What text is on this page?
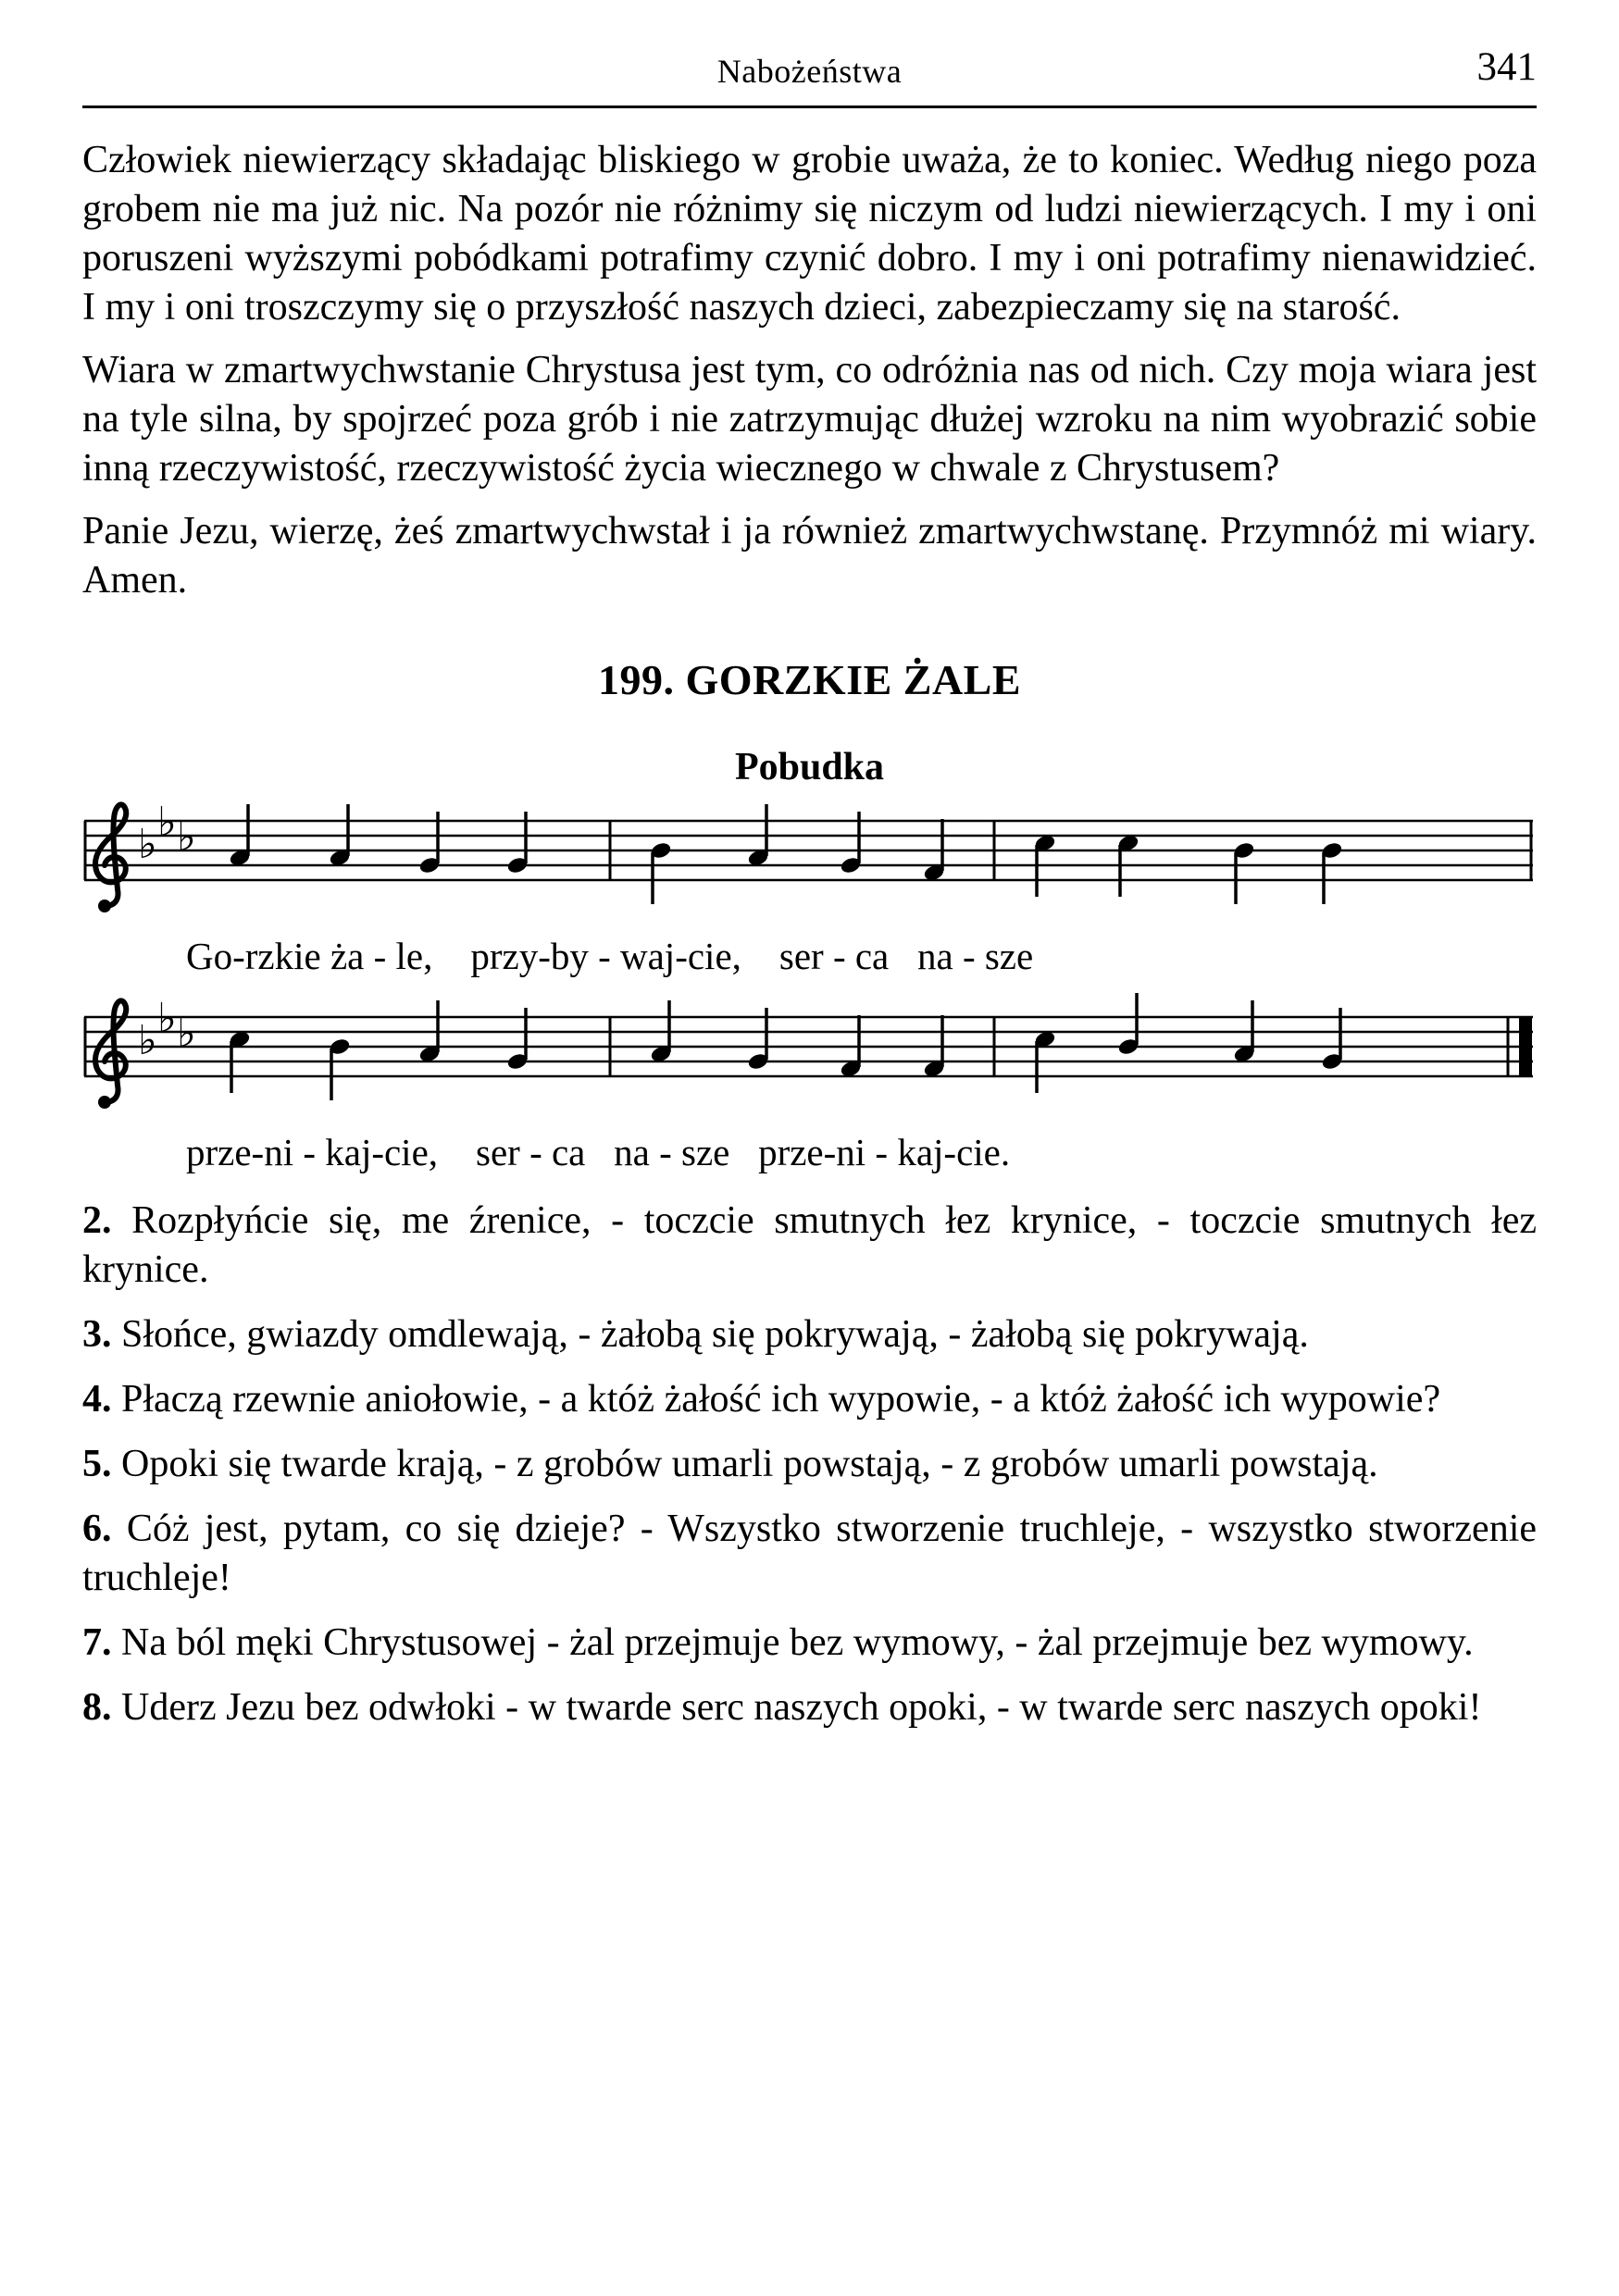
Nabożeństwa	341

Człowiek niewierzący składając bliskiego w grobie uważa, że to koniec. Według niego poza grobem nie ma już nic. Na pozór nie różnimy się niczym od ludzi niewierzących. I my i oni poruszeni wyższymi pobódkami potrafimy czynić dobro. I my i oni potrafimy nienawidzieć. I my i oni troszczymy się o przyszłość naszych dzieci, zabezpieczamy się na starość.

Wiara w zmartwychwstanie Chrystusa jest tym, co odróżnia nas od nich. Czy moja wiara jest na tyle silna, by spojrzeć poza grób i nie zatrzymując dłużej wzroku na nim wyobrazić sobie inną rzeczywistość, rzeczywistość życia wiecznego w chwale z Chrystusem?

Panie Jezu, wierzę, żeś zmartwychwstał i ja również zmartwychwstanę. Przymnóż mi wiary. Amen.

199. GORZKIE ŻALE
Pobudka
♭ ♭ ♭
Go-rzkie ża - le,    przy-by - waj-cie,    ser - ca   na - sze
♭ ♭ ♭
prze-ni - kaj-cie,    ser - ca   na - sze   prze-ni - kaj-cie.

2. Rozpłyńcie się, me źrenice, - toczcie smutnych łez krynice, - toczcie smutnych łez krynice.

3. Słońce, gwiazdy omdlewają, - żałobą się pokrywają, - żałobą się pokrywają.

4. Płaczą rzewnie aniołowie, - a któż żałość ich wypowie, - a któż żałość ich wypowie?

5. Opoki się twarde krają, - z grobów umarli powstają, - z grobów umarli powstają.

6. Cóż jest, pytam, co się dzieje? - Wszystko stworzenie truchleje, - wszystko stworzenie truchleje!

7. Na ból męki Chrystusowej - żal przejmuje bez wymowy, - żal przejmuje bez wymowy.

8. Uderz Jezu bez odwłoki - w twarde serc naszych opoki, - w twarde serc naszych opoki!
